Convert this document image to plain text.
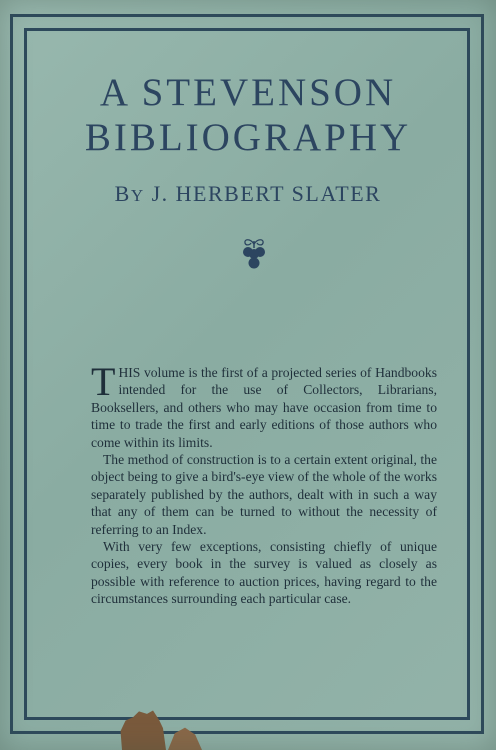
A STEVENSON
BIBLIOGRAPHY
BY J. HERBERT SLATER

THIS volume is the first of a projected series of Handbooks intended for the use of Collectors, Librarians, Booksellers, and others who may have occasion from time to time to trade the first and early editions of those authors who come within its limits.

The method of construction is to a certain extent original, the object being to give a bird's-eye view of the whole of the works separately published by the authors, dealt with in such a way that any of them can be turned to without the necessity of referring to an Index.

With very few exceptions, consisting chiefly of unique copies, every book in the survey is valued as closely as possible with reference to auction prices, having regard to the circumstances surrounding each particular case.
